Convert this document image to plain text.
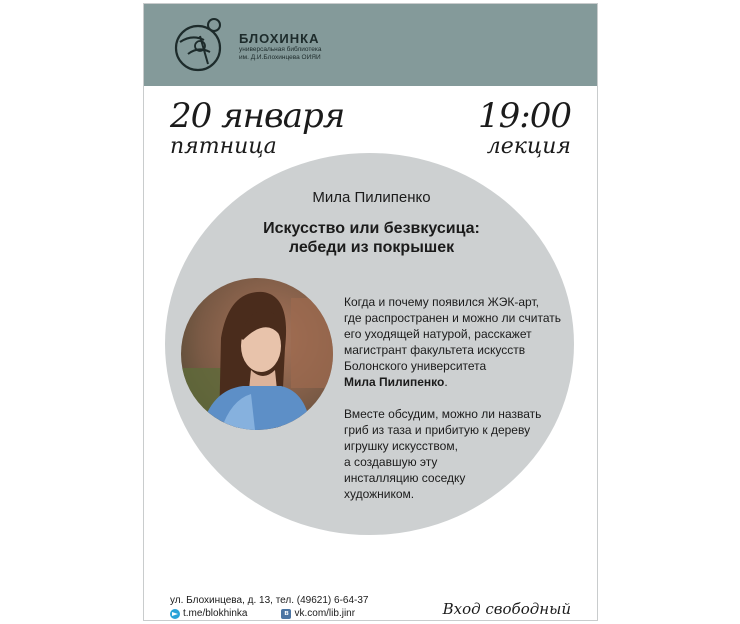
БЛОХИНКА
универсальная библиотека
им. Д.И.Блохинцева ОИЯИ
20 января
пятница
19:00
лекция
Мила Пилипенко
Искусство или безвкусица:
лебеди из покрышек
Когда и почему появился ЖЭК-арт,
где распространен и можно ли считать
его уходящей натурой, расскажет
магистрант факультета искусств
Болонского университета
Мила Пилипенко.
Вместе обсудим, можно ли назвать
гриб из таза и прибитую к дереву
игрушку искусством,
а создавшую эту
инсталляцию соседку
художником.
ул. Блохинцева, д. 13, тел. (49621) 6-64-37
t.me/blokhinka	в vk.com/lib.jinr	Вход свободный
